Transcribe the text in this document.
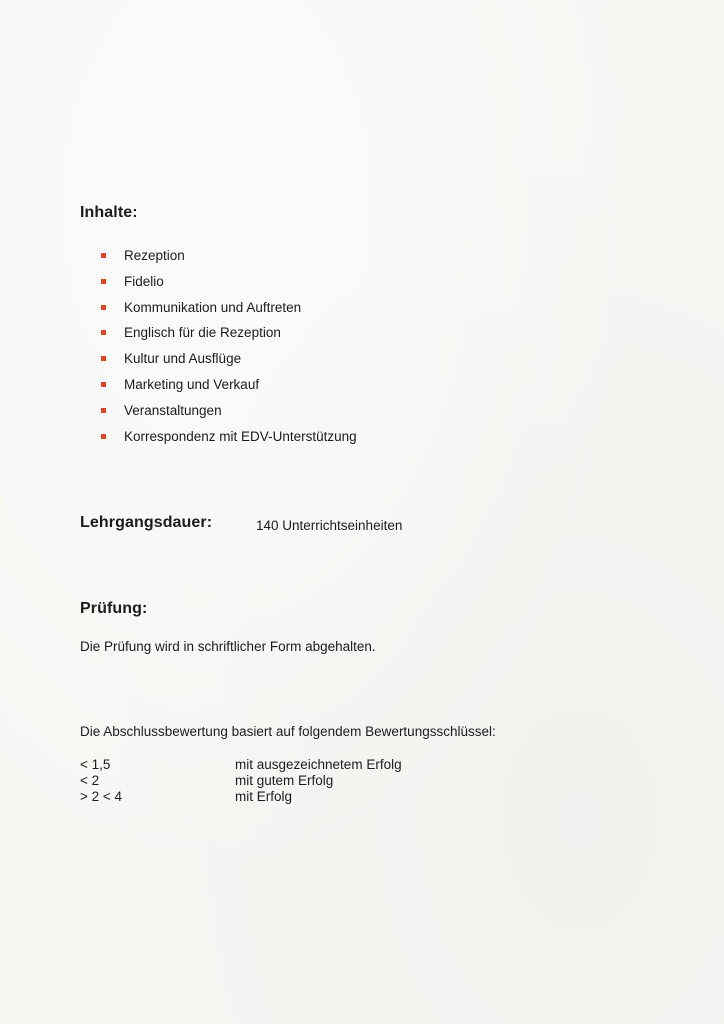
Inhalte:
Rezeption
Fidelio
Kommunikation und Auftreten
Englisch für die Rezeption
Kultur und Ausflüge
Marketing und Verkauf
Veranstaltungen
Korrespondenz mit EDV-Unterstützung
Lehrgangsdauer:	140 Unterrichtseinheiten
Prüfung:
Die Prüfung wird in schriftlicher Form abgehalten.
Die Abschlussbewertung basiert auf folgendem Bewertungsschlüssel:
< 1,5	mit ausgezeichnetem Erfolg
< 2	mit gutem Erfolg
> 2 < 4	mit Erfolg
